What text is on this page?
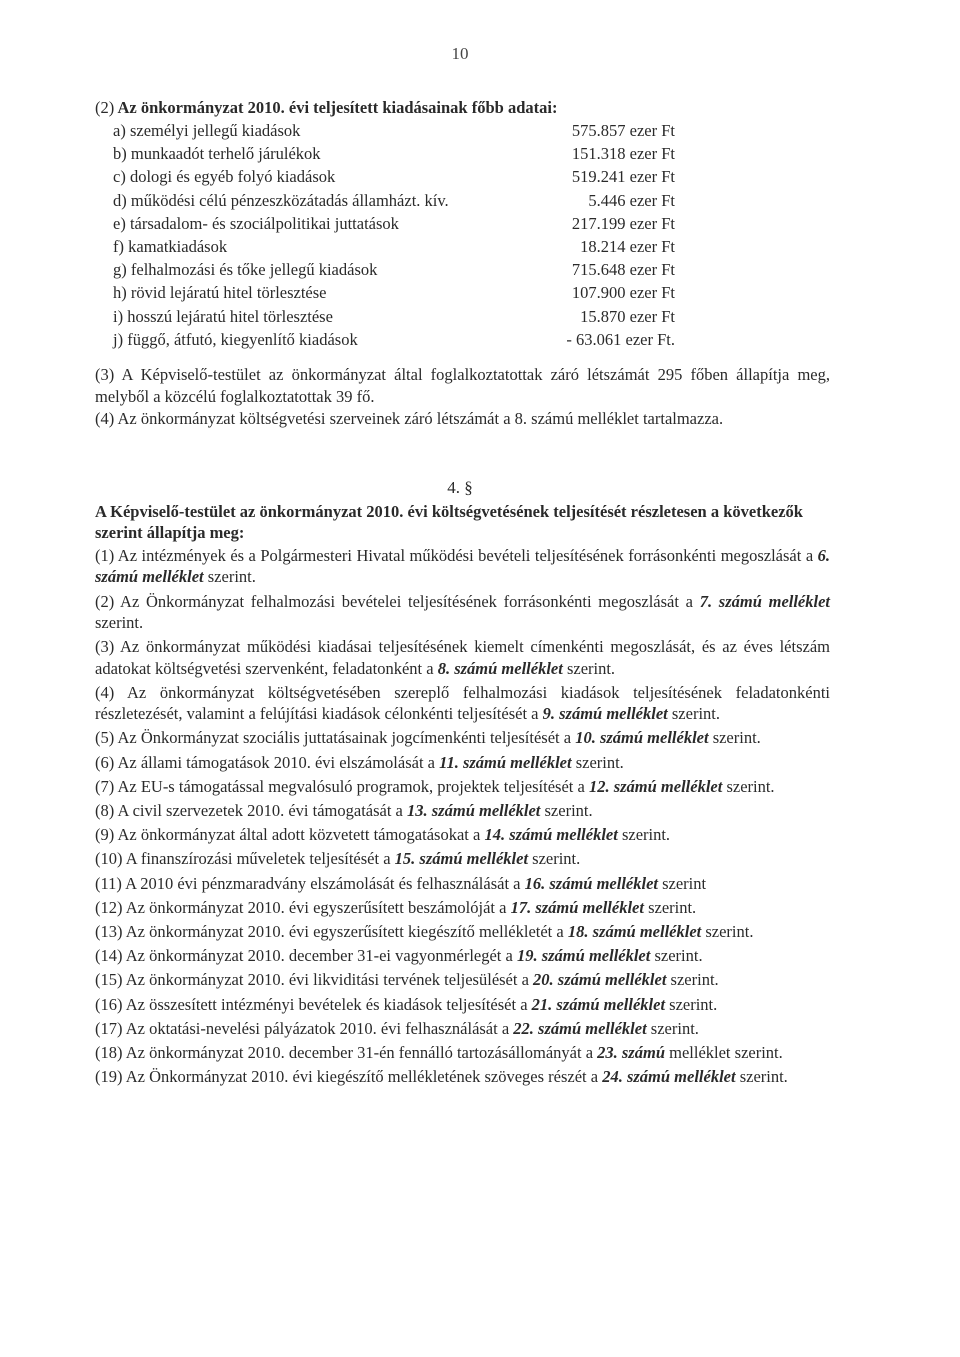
10
(2) Az önkormányzat 2010. évi teljesített kiadásainak főbb adatai:
a) személyi jellegű kiadások	575.857 ezer Ft
b) munkaadót terhelő járulékok	151.318 ezer Ft
c) dologi és egyéb folyó kiadások	519.241 ezer Ft
d) működési célú pénzeszközátadás államházt. kív.	5.446 ezer Ft
e) társadalom- és szociálpolitikai juttatások	217.199 ezer Ft
f) kamatkiadások	18.214 ezer Ft
g) felhalmozási és tőke jellegű kiadások	715.648 ezer Ft
h) rövid lejáratú hitel törlesztése	107.900 ezer Ft
i) hosszú lejáratú hitel törlesztése	15.870 ezer Ft
j) függő, átfutó, kiegyenlítő kiadások	- 63.061 ezer Ft.
(3) A Képviselő-testület az önkormányzat által foglalkoztatottak záró létszámát 295 főben állapítja meg, melyből a közcélú foglalkoztatottak 39 fő.
(4) Az önkormányzat költségvetési szerveinek záró létszámát a 8. számú melléklet tartalmazza.
4. §
A Képviselő-testület az önkormányzat 2010. évi költségvetésének teljesítését részletesen a következők szerint állapítja meg:
(1) Az intézmények és a Polgármesteri Hivatal működési bevételi teljesítésének forrásonkénti megoszlását a 6. számú melléklet szerint.
(2) Az Önkormányzat felhalmozási bevételei teljesítésének forrásonkénti megoszlását a 7. számú melléklet szerint.
(3) Az önkormányzat működési kiadásai teljesítésének kiemelt címenkénti megoszlását, és az éves létszám adatokat költségvetési szervenként, feladatonként a 8. számú melléklet szerint.
(4) Az önkormányzat költségvetésében szereplő felhalmozási kiadások teljesítésének feladatonkénti részletezését, valamint a felújítási kiadások célonkénti teljesítését a 9. számú melléklet szerint.
(5) Az Önkormányzat szociális juttatásainak jogcímenkénti teljesítését a 10. számú melléklet szerint.
(6) Az állami támogatások 2010. évi elszámolását a 11. számú melléklet szerint.
(7) Az EU-s támogatással megvalósuló programok, projektek teljesítését a 12. számú melléklet szerint.
(8) A civil szervezetek 2010. évi támogatását a 13. számú melléklet szerint.
(9) Az önkormányzat által adott közvetett támogatásokat a 14. számú melléklet szerint.
(10) A finanszírozási műveletek teljesítését a 15. számú melléklet szerint.
(11) A 2010 évi pénzmaradvány elszámolását és felhasználását a 16. számú melléklet szerint
(12) Az önkormányzat 2010. évi egyszerűsített beszámolóját a 17. számú melléklet szerint.
(13) Az önkormányzat 2010. évi egyszerűsített kiegészítő mellékletét a 18. számú melléklet szerint.
(14) Az önkormányzat 2010. december 31-ei vagyonmérlegét a 19. számú melléklet szerint.
(15) Az önkormányzat 2010. évi likviditási tervének teljesülését a 20. számú melléklet szerint.
(16) Az összesített intézményi bevételek és kiadások teljesítését a 21. számú melléklet szerint.
(17) Az oktatási-nevelési pályázatok 2010. évi felhasználását a 22. számú melléklet szerint.
(18) Az önkormányzat 2010. december 31-én fennálló tartozásállományát a 23. számú melléklet szerint.
(19) Az Önkormányzat 2010. évi kiegészítő mellékletének szöveges részét a 24. számú melléklet szerint.
